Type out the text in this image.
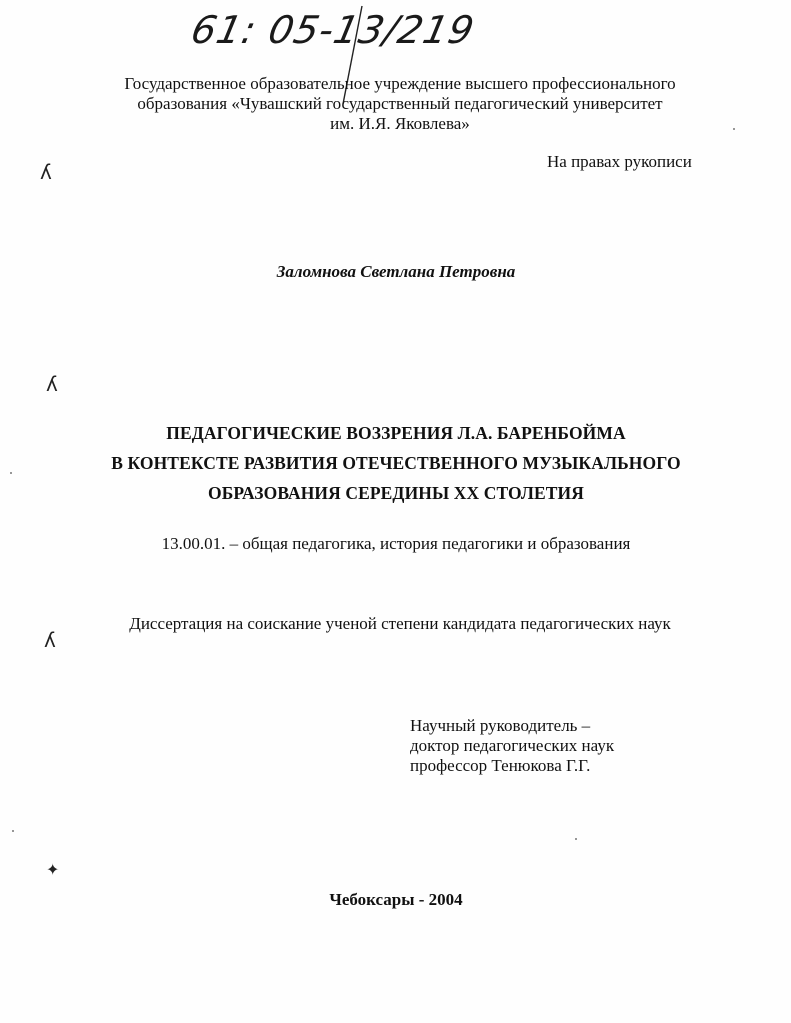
61: 05-13/219
Государственное образовательное учреждение высшего профессионального
образования «Чувашский государственный педагогический университет
им. И.Я. Яковлева»
На правах рукописи
Заломнова Светлана Петровна
ПЕДАГОГИЧЕСКИЕ ВОЗЗРЕНИЯ Л.А. БАРЕНБОЙМА
В КОНТЕКСТЕ РАЗВИТИЯ ОТЕЧЕСТВЕННОГО МУЗЫКАЛЬНОГО
ОБРАЗОВАНИЯ СЕРЕДИНЫ XX СТОЛЕТИЯ
13.00.01. – общая педагогика, история педагогики и образования
Диссертация на соискание ученой степени кандидата педагогических наук
Научный руководитель –
доктор педагогических наук
профессор Тенюкова Г.Г.
Чебоксары - 2004
ʎ
ʎ
ʎ
✦
